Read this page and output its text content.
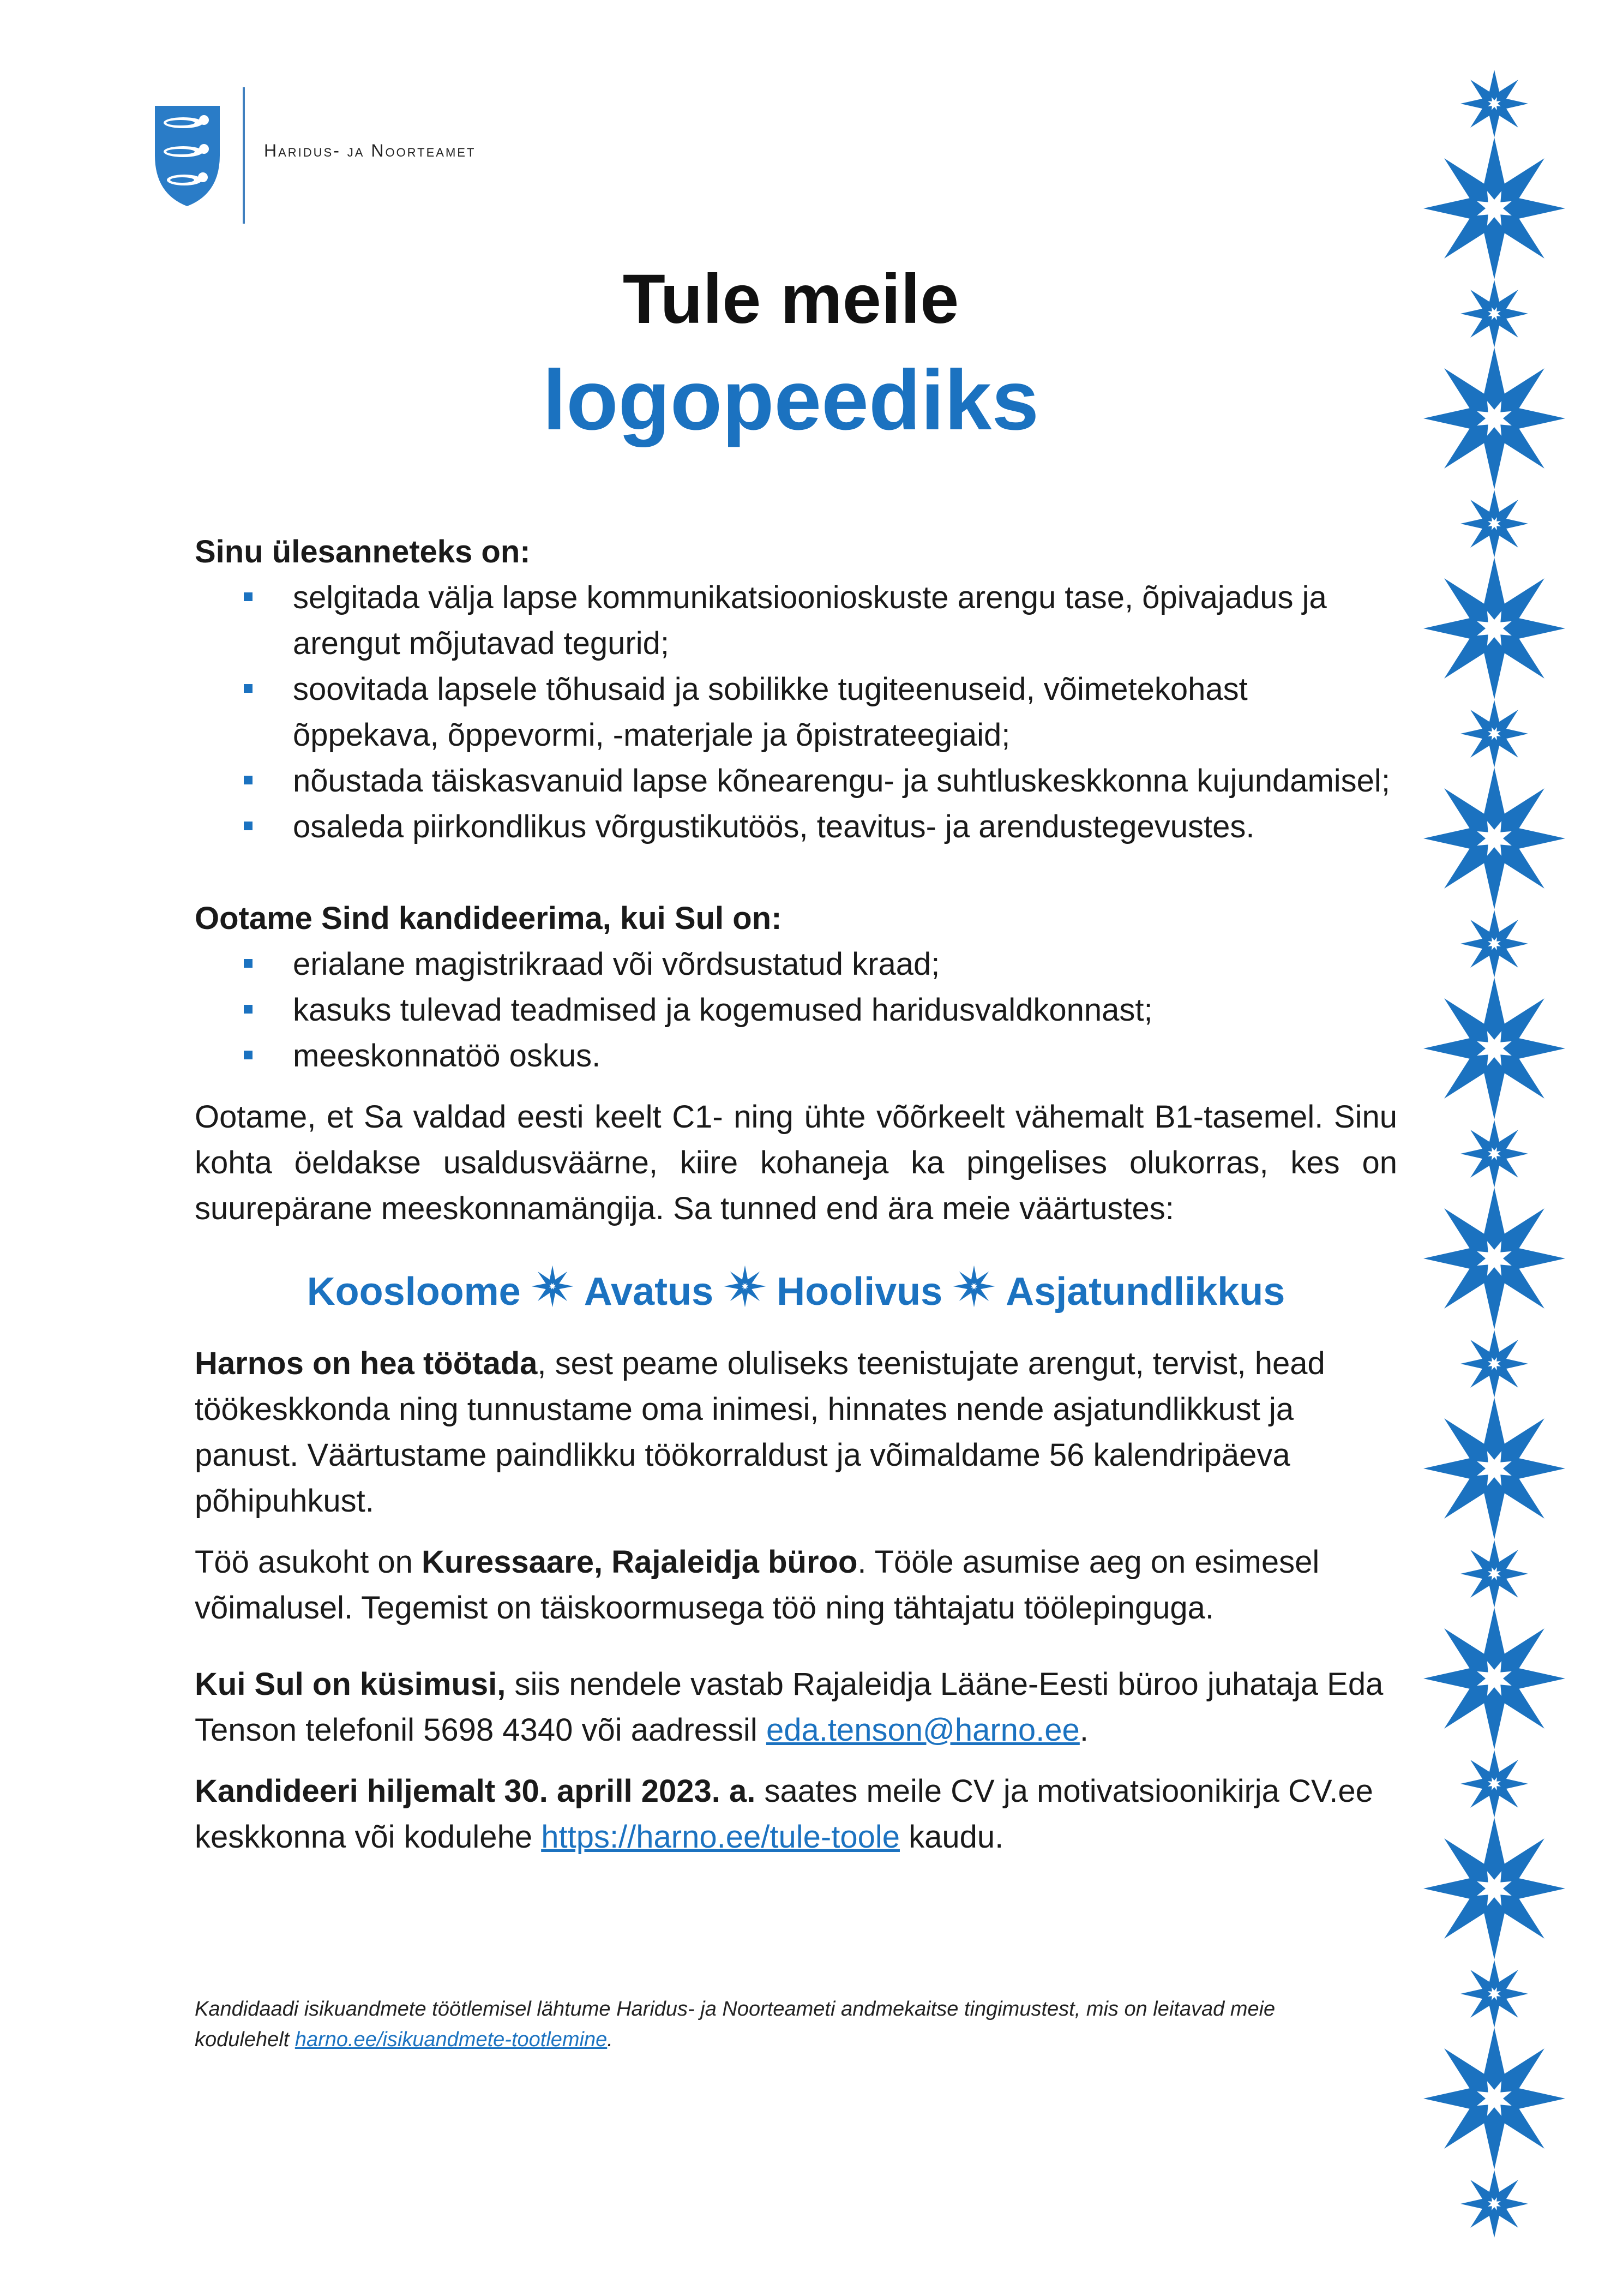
Haridus- ja Noorteamet
Tule meile
logopeediks
Sinu ülesanneteks on:
selgitada välja lapse kommunikatsioonioskuste arengu tase, õpivajadus ja arengut mõjutavad tegurid;
soovitada lapsele tõhusaid ja sobilikke tugiteenuseid, võimetekohast õppekava, õppevormi, -materjale ja õpistrateegiaid;
nõustada täiskasvanuid lapse kõnearengu- ja suhtluskeskkonna kujundamisel;
osaleda piirkondlikus võrgustikutöös, teavitus- ja arendustegevustes.
Ootame Sind kandideerima, kui Sul on:
erialane magistrikraad või võrdsustatud kraad;
kasuks tulevad teadmised ja kogemused haridusvaldkonnast;
meeskonnatöö oskus.
Ootame, et Sa valdad eesti keelt C1- ning ühte võõrkeelt vähemalt B1-tasemel. Sinu kohta öeldakse usaldusväärne, kiire kohaneja ka pingelises olukorras, kes on suurepärane meeskonnamängija. Sa tunned end ära meie väärtustes:
Koosloome Avatus Hoolivus Asjatundlikkus
Harnos on hea töötada, sest peame oluliseks teenistujate arengut, tervist, head töökeskkonda ning tunnustame oma inimesi, hinnates nende asjatundlikkust ja panust. Väärtustame paindlikku töökorraldust ja võimaldame 56 kalendripäeva põhipuhkust.
Töö asukoht on Kuressaare, Rajaleidja büroo. Tööle asumise aeg on esimesel võimalusel. Tegemist on täiskoormusega töö ning tähtajatu töölepinguga.
Kui Sul on küsimusi, siis nendele vastab Rajaleidja Lääne-Eesti büroo juhataja Eda Tenson telefonil 5698 4340 või aadressil eda.tenson@harno.ee.
Kandideeri hiljemalt 30. aprill 2023. a. saates meile CV ja motivatsioonikirja CV.ee keskkonna või kodulehe https://harno.ee/tule-toole kaudu.
Kandidaadi isikuandmete töötlemisel lähtume Haridus- ja Noorteameti andmekaitse tingimustest, mis on leitavad meie kodulehelt harno.ee/isikuandmete-tootlemine.
